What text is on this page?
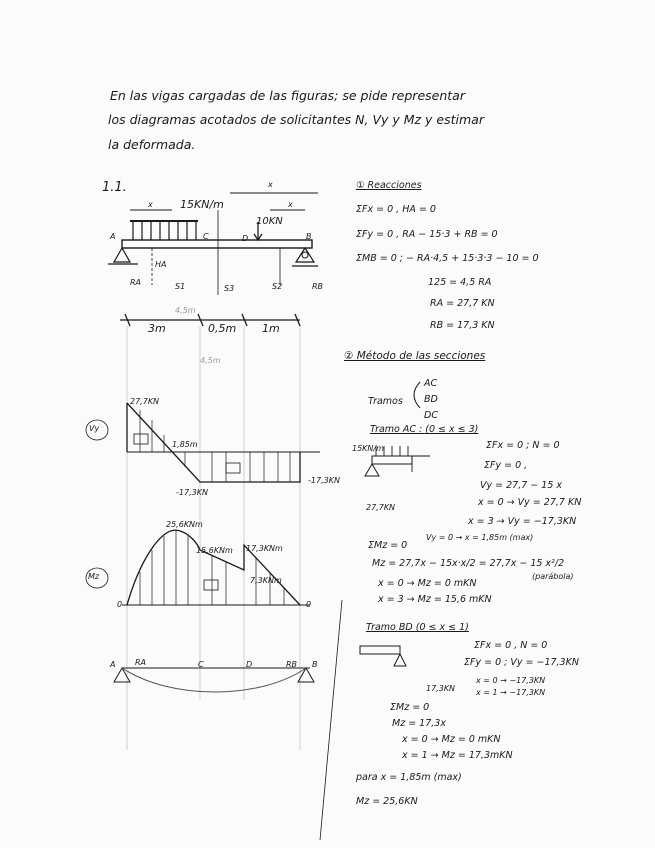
En las vigas cargadas de las figuras; se pide representar
los diagramas acotados de solicitantes N, Vy y Mz y estimar
la deformada.
1.1.	x
x	x
15KN/m
10KN
A	C	D	B
RA
HA
S1	S3	S2	RB
4,5m
3m	0,5m 1m
4,5m
Vy
27,7KN
1,85m
-17,3KN
-17,3KN
Mz
25,6KNm
15,6KNm 17,3KNm
7,3KNm
0	0
A RA	C	D	RB B
① Reacciones
ΣFx = 0 , HA = 0
ΣFy = 0 , RA − 15·3 + RB = 0
ΣMB = 0 ; − RA·4,5 + 15·3·3 − 10 = 0
125 = 4,5 RA
RA = 27,7 KN
RB = 17,3 KN
② Método de las secciones
Tramos
AC
BD
DC
Tramo AC : (0 ≤ x ≤ 3)
15KN/m	ΣFx = 0 ; N = 0
ΣFy = 0 ,
Vy = 27,7 − 15 x
27,7KN	x = 0 → Vy = 27,7 KN
x = 3 → Vy = −17,3KN
Vy = 0 → x = 1,85m (max)
ΣMz = 0
Mz = 27,7x − 15x·x/2 = 27,7x − 15 x²/2
(parábola)
x = 0 → Mz = 0 mKN
x = 3 → Mz = 15,6 mKN
Tramo BD (0 ≤ x ≤ 1)
ΣFx = 0 , N = 0
ΣFy = 0 ; Vy = −17,3KN
x = 0 → −17,3KN
x = 1 → −17,3KN
17,3KN
ΣMz = 0
Mz = 17,3x
x = 0 → Mz = 0 mKN
x = 1 → Mz = 17,3mKN
para x = 1,85m (max)
Mz = 25,6KN
